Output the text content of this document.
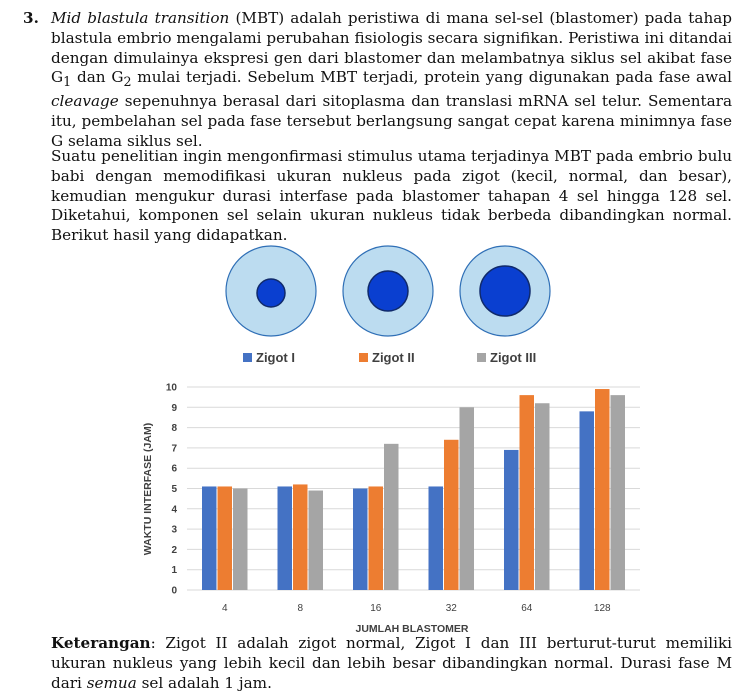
3. Mid blastula transition (MBT) adalah peristiwa di mana sel-sel (blastomer) pada tahap blastula embrio mengalami perubahan fisiologis secara signifikan. Peristiwa ini ditandai dengan dimulainya ekspresi gen dari blastomer dan melambatnya siklus sel akibat fase $G_1$ dan $G_2$ mulai terjadi. Sebelum MBT terjadi, protein yang digunakan pada fase awal cleavage sepenuhnya berasal dari sitoplasma dan translasi mRNA sel telur. Sementara itu, pembelahan sel pada fase tersebut berlangsung sangat cepat karena minimnya fase G selama siklus sel.

Suatu penelitian ingin mengonfirmasi stimulus utama terjadinya MBT pada embrio bulu babi dengan memodifikasi ukuran nukleus pada zigot (kecil, normal, dan besar), kemudian mengukur durasi interfase pada blastomer tahapan 4 sel hingga 128 sel. Diketahui, komponen sel selain ukuran nukleus tidak berbeda dibandingkan normal. Berikut hasil yang didapatkan.

Zigot I	Zigot II	Zigot III
0
1
2
3
4
5
6
7
8
9
10
4	8	16	32	64	128
WAKTU INTERFASE (JAM)
JUMLAH BLASTOMER

Keterangan: Zigot II adalah zigot normal, Zigot I dan III berturut-turut memiliki ukuran nukleus yang lebih kecil dan lebih besar dibandingkan normal. Durasi fase M dari semua sel adalah 1 jam.
